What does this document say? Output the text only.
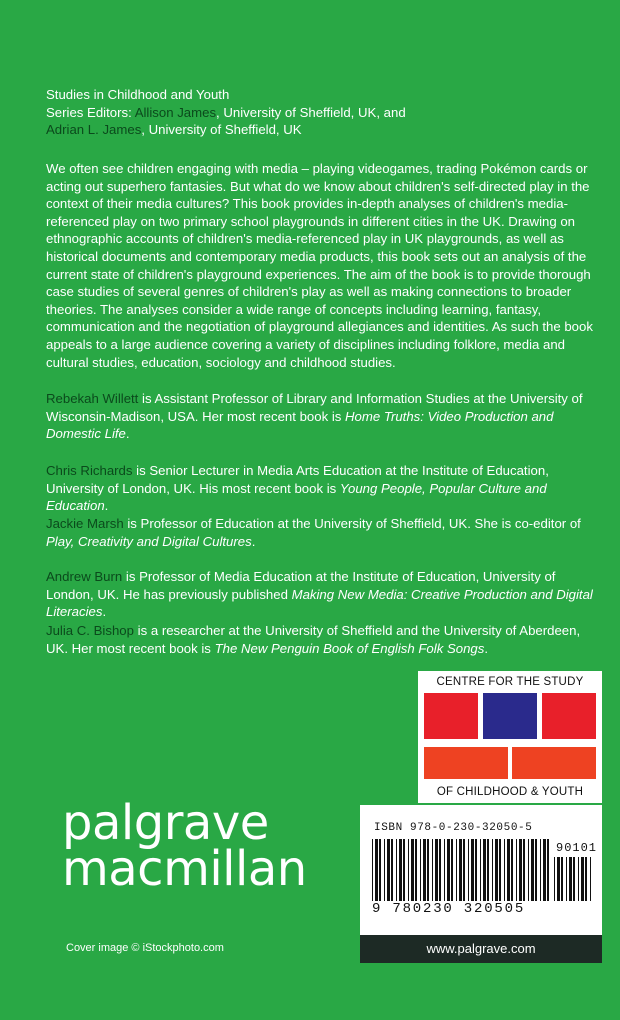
Studies in Childhood and Youth
Series Editors: Allison James, University of Sheffield, UK, and
Adrian L. James, University of Sheffield, UK

We often see children engaging with media – playing videogames, trading Pokémon cards or acting out superhero fantasies. But what do we know about children's self-directed play in the context of their media cultures? This book provides in-depth analyses of children's media-referenced play on two primary school playgrounds in different cities in the UK. Drawing on ethnographic accounts of children's media-referenced play in UK playgrounds, as well as historical documents and contemporary media products, this book sets out an analysis of the current state of children's playground experiences. The aim of the book is to provide thorough case studies of several genres of children's play as well as making connections to broader theories. The analyses consider a wide range of concepts including learning, fantasy, communication and the negotiation of playground allegiances and identities. As such the book appeals to a large audience covering a variety of disciplines including folklore, media and cultural studies, education, sociology and childhood studies.

Rebekah Willett is Assistant Professor of Library and Information Studies at the University of Wisconsin-Madison, USA. Her most recent book is Home Truths: Video Production and Domestic Life.

Chris Richards is Senior Lecturer in Media Arts Education at the Institute of Education, University of London, UK. His most recent book is Young People, Popular Culture and Education.

Jackie Marsh is Professor of Education at the University of Sheffield, UK. She is co-editor of Play, Creativity and Digital Cultures.

Andrew Burn is Professor of Media Education at the Institute of Education, University of London, UK. He has previously published Making New Media: Creative Production and Digital Literacies.

Julia C. Bishop is a researcher at the University of Sheffield and the University of Aberdeen, UK. Her most recent book is The New Penguin Book of English Folk Songs.

CENTRE FOR THE STUDY
OF CHILDHOOD & YOUTH
palgrave
macmillan
ISBN 978-0-230-32050-5
90101
9 780230 320505
www.palgrave.com
Cover image © iStockphoto.com
